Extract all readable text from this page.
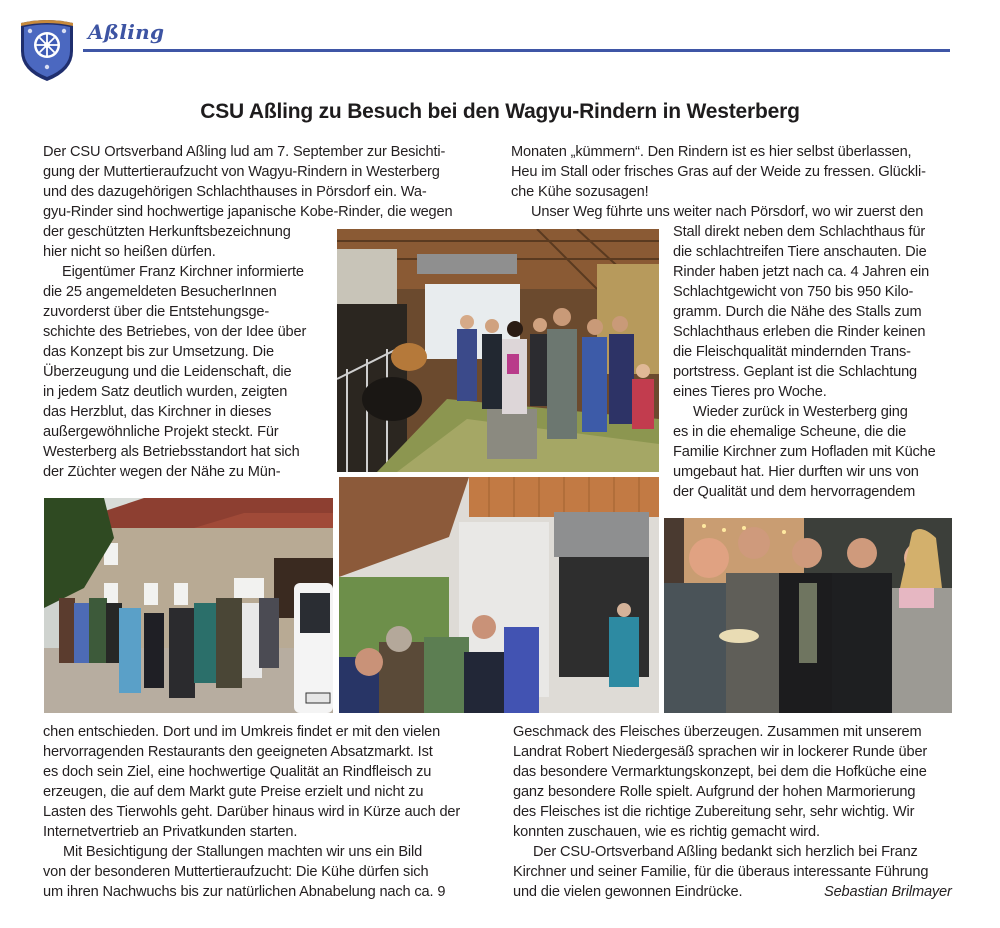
Aßling
CSU Aßling zu Besuch bei den Wagyu-Rindern in Westerberg
Der CSU Ortsverband Aßling lud am 7. September zur Besichti-
gung der Muttertieraufzucht von Wagyu-Rindern in Westerberg
und des dazugehörigen Schlachthauses in Pörsdorf ein. Wa-
gyu-Rinder sind hochwertige japanische Kobe-Rinder, die wegen
der geschützten Herkunftsbezeichnung
hier nicht so heißen dürfen.
Eigentümer Franz Kirchner informierte
die 25 angemeldeten BesucherInnen
zuvorderst über die Entstehungsge-
schichte des Betriebes, von der Idee über
das Konzept bis zur Umsetzung. Die
Überzeugung und die Leidenschaft, die
in jedem Satz deutlich wurden, zeigten
das Herzblut, das Kirchner in dieses
außergewöhnliche Projekt steckt. Für
Westerberg als Betriebsstandort hat sich
der Züchter wegen der Nähe zu Mün-
Monaten „kümmern“. Den Rindern ist es hier selbst überlassen,
Heu im Stall oder frisches Gras auf der Weide zu fressen. Glückli-
che Kühe sozusagen!
Unser Weg führte uns weiter nach Pörsdorf, wo wir zuerst den
Stall direkt neben dem Schlachthaus für
die schlachtreifen Tiere anschauten. Die
Rinder haben jetzt nach ca. 4 Jahren ein
Schlachtgewicht von 750 bis 950 Kilo-
gramm. Durch die Nähe des Stalls zum
Schlachthaus erleben die Rinder keinen
die Fleischqualität mindernden Trans-
portstress. Geplant ist die Schlachtung
eines Tieres pro Woche.
Wieder zurück in Westerberg ging
es in die ehemalige Scheune, die die
Familie Kirchner zum Hofladen mit Küche
umgebaut hat. Hier durften wir uns von
der Qualität und dem hervorragendem
chen entschieden. Dort und im Umkreis findet er mit den vielen
hervorragenden Restaurants den geeigneten Absatzmarkt. Ist
es doch sein Ziel, eine hochwertige Qualität an Rindfleisch zu
erzeugen, die auf dem Markt gute Preise erzielt und nicht zu
Lasten des Tierwohls geht. Darüber hinaus wird in Kürze auch der
Internetvertrieb an Privatkunden starten.
Mit Besichtigung der Stallungen machten wir uns ein Bild
von der besonderen Muttertieraufzucht: Die Kühe dürfen sich
um ihren Nachwuchs bis zur natürlichen Abnabelung nach ca. 9
Geschmack des Fleisches überzeugen. Zusammen mit unserem
Landrat Robert Niedergesäß sprachen wir in lockerer Runde über
das besondere Vermarktungskonzept, bei dem die Hofküche eine
ganz besondere Rolle spielt. Aufgrund der hohen Marmorierung
des Fleisches ist die richtige Zubereitung sehr, sehr wichtig. Wir
konnten zuschauen, wie es richtig gemacht wird.
Der CSU-Ortsverband Aßling bedankt sich herzlich bei Franz
Kirchner und seiner Familie, für die überaus interessante Führung
und die vielen gewonnen Eindrücke.	Sebastian Brilmayer
